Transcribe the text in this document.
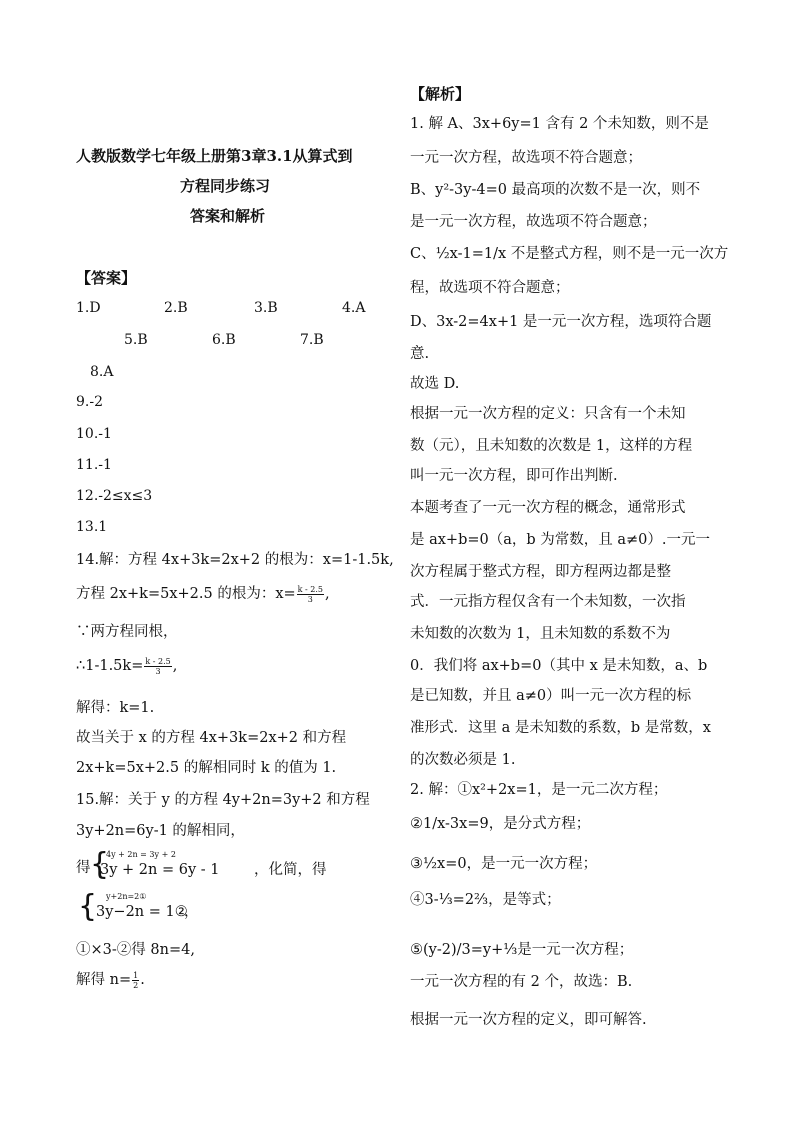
人教版数学七年级上册第3章3.1从算式到
方程同步练习
答案和解析
【答案】
1.D	2.B	3.B	4.A
5.B	6.B	7.B
8.A
9.-2
10.-1
11.-1
12.-2≤x≤3
13.1
14.解：方程 4x+3k=2x+2 的根为：x=1-1.5k,
方程 2x+k=5x+2.5 的根为：$x= \frac{k - 2.5}{3}$ ,
∵两方程同根，
∴1-1.5k= $\frac{k - 2.5}{3}$ ,
解得：k=1.
故当关于 x 的方程 4x+3k=2x+2 和方程
2x+k=5x+2.5 的解相同时 k 的值为 1.
15.解：关于 y 的方程 4y+2n=3y+2 和方程
3y+2n=6y-1 的解相同，
得 {
4y + 2n = 3y + 2
3y + 2n = 6y - 1 ，化简，得
{ y+2n=2①
3y−2n = 1②
，
①×3-②得 8n=4,
解得 $n= \frac{1}{2}$ .
【解析】
1. 解 A、3x+6y=1 含有 2 个未知数，则不是
一元一次方程，故选项不符合题意；
B、y²-3y-4=0 最高项的次数不是一次，则不
是一元一次方程，故选项不符合题意；
C、½x-1=1/x 不是整式方程，则不是一元一次方
程，故选项不符合题意；
D、3x-2=4x+1 是一元一次方程，选项符合题
意.
故选 D.
根据一元一次方程的定义：只含有一个未知
数（元），且未知数的次数是 1，这样的方程
叫一元一次方程，即可作出判断.
本题考查了一元一次方程的概念，通常形式
是 ax+b=0（a，b 为常数，且 a≠0）.一元一
次方程属于整式方程，即方程两边都是整
式．一元指方程仅含有一个未知数，一次指
未知数的次数为 1，且未知数的系数不为
0．我们将 ax+b=0（其中 x 是未知数，a、b
是已知数，并且 a≠0）叫一元一次方程的标
准形式．这里 a 是未知数的系数，b 是常数，x
的次数必须是 1.
2. 解：①x²+2x=1，是一元二次方程；
②1/x-3x=9，是分式方程；
③½x=0，是一元一次方程；
④3-⅓=2⅔，是等式；
⑤(y-2)/3=y+⅓是一元一次方程；
一元一次方程的有 2 个，故选：B.
根据一元一次方程的定义，即可解答.
